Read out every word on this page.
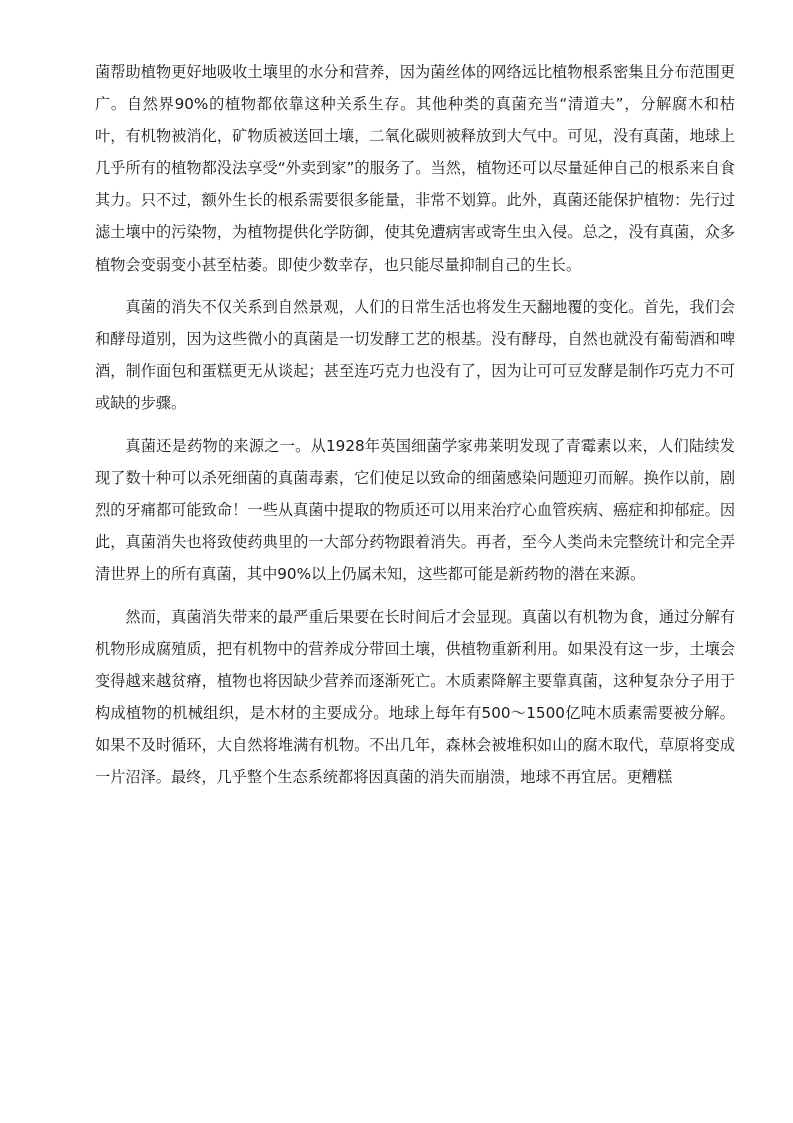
菌帮助植物更好地吸收土壤里的水分和营养，因为菌丝体的网络远比植物根系密集且分布范围更广。自然界90%的植物都依靠这种关系生存。其他种类的真菌充当“清道夫”，分解腐木和枯叶，有机物被消化，矿物质被送回土壤，二氧化碳则被释放到大气中。可见，没有真菌，地球上几乎所有的植物都没法享受“外卖到家”的服务了。当然，植物还可以尽量延伸自己的根系来自食其力。只不过，额外生长的根系需要很多能量，非常不划算。此外，真菌还能保护植物：先行过滤土壤中的污染物，为植物提供化学防御，使其免遭病害或寄生虫入侵。总之，没有真菌，众多植物会变弱变小甚至枯萎。即使少数幸存，也只能尽量抑制自己的生长。

真菌的消失不仅关系到自然景观，人们的日常生活也将发生天翻地覆的变化。首先，我们会和酵母道别，因为这些微小的真菌是一切发酵工艺的根基。没有酵母，自然也就没有葡萄酒和啤酒，制作面包和蛋糕更无从谈起；甚至连巧克力也没有了，因为让可可豆发酵是制作巧克力不可或缺的步骤。

真菌还是药物的来源之一。从1928年英国细菌学家弗莱明发现了青霉素以来，人们陆续发现了数十种可以杀死细菌的真菌毒素，它们使足以致命的细菌感染问题迎刃而解。换作以前，剧烈的牙痛都可能致命！一些从真菌中提取的物质还可以用来治疗心血管疾病、癌症和抑郁症。因此，真菌消失也将致使药典里的一大部分药物跟着消失。再者，至今人类尚未完整统计和完全弄清世界上的所有真菌，其中90%以上仍属未知，这些都可能是新药物的潜在来源。

然而，真菌消失带来的最严重后果要在长时间后才会显现。真菌以有机物为食，通过分解有机物形成腐殖质，把有机物中的营养成分带回土壤，供植物重新利用。如果没有这一步，土壤会变得越来越贫瘠，植物也将因缺少营养而逐渐死亡。木质素降解主要靠真菌，这种复杂分子用于构成植物的机械组织，是木材的主要成分。地球上每年有500～1500亿吨木质素需要被分解。如果不及时循环，大自然将堆满有机物。不出几年，森林会被堆积如山的腐木取代，草原将变成一片沼泽。最终，几乎整个生态系统都将因真菌的消失而崩溃，地球不再宜居。更糟糕
